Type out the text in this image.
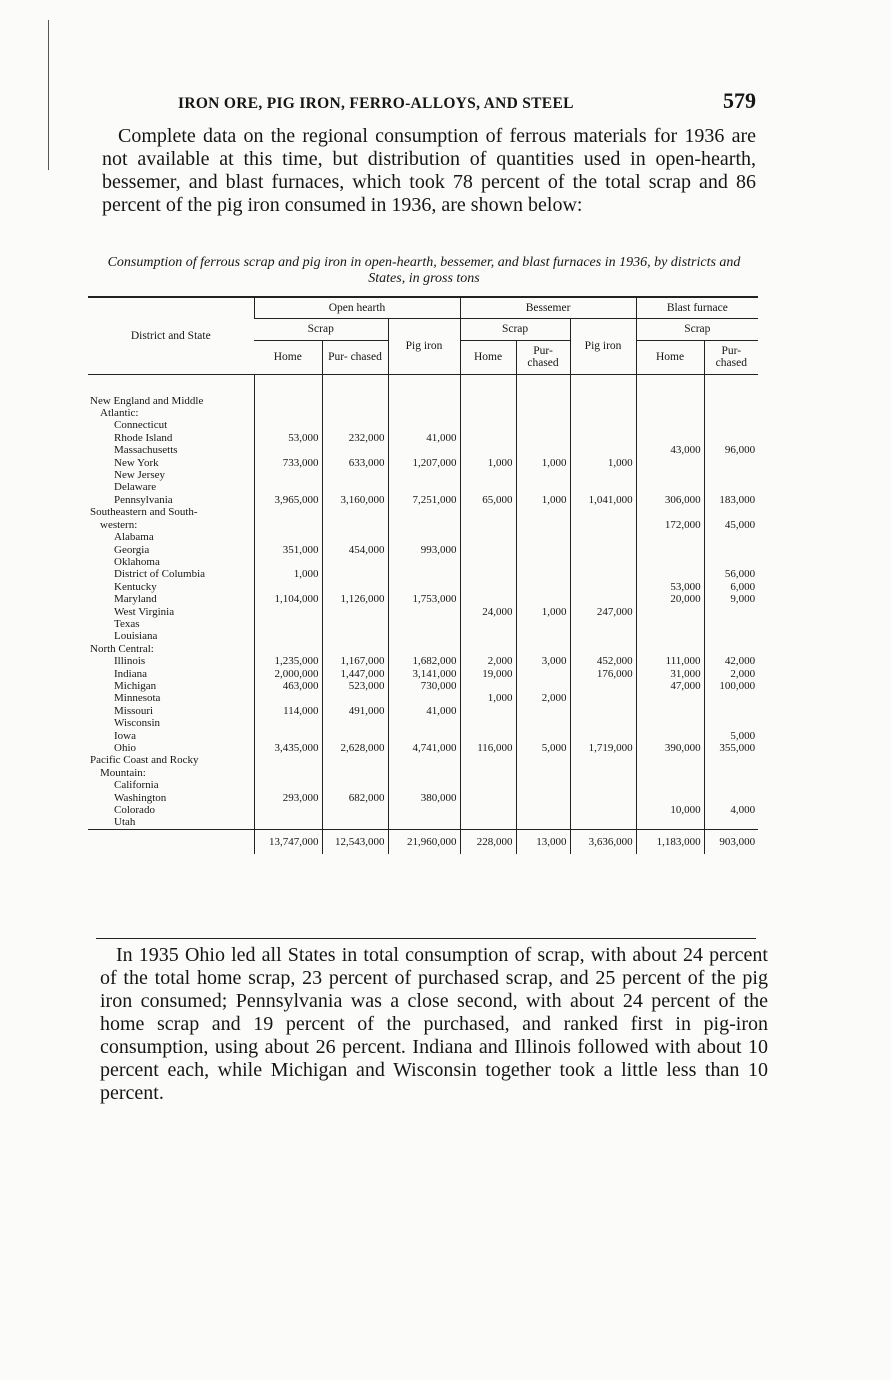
IRON ORE, PIG IRON, FERRO-ALLOYS, AND STEEL	579

Complete data on the regional consumption of ferrous materials for 1936 are not available at this time, but distribution of quantities used in open-hearth, bessemer, and blast furnaces, which took 78 percent of the total scrap and 86 percent of the pig iron consumed in 1936, are shown below:

Consumption of ferrous scrap and pig iron in open-hearth, bessemer, and blast furnaces in 1936, by districts and States, in gross tons
District and State	Open hearth			Bessemer			Blast furnace	
	Scrap		Pig iron	Scrap		Pig iron	Scrap	
	Home	Pur- chased		Home	Pur- chased		Home	Pur- chased

New England and Middle								
Atlantic:								
Connecticut								
Rhode Island	53,000	232,000	41,000					
Massachusetts							43,000	96,000
New York	733,000	633,000	1,207,000	1,000	1,000	1,000		
New Jersey								
Delaware								
Pennsylvania	3,965,000	3,160,000	7,251,000	65,000	1,000	1,041,000	306,000	183,000
Southeastern and South-								
western:							172,000	45,000
Alabama								
Georgia	351,000	454,000	993,000					
Oklahoma								
District of Columbia	1,000							56,000
Kentucky							53,000	6,000
Maryland	1,104,000	1,126,000	1,753,000				20,000	9,000
West Virginia				24,000	1,000	247,000		
Texas								
Louisiana								
North Central:								
Illinois	1,235,000	1,167,000	1,682,000	2,000	3,000	452,000	111,000	42,000
Indiana	2,000,000	1,447,000	3,141,000	19,000		176,000	31,000	2,000
Michigan	463,000	523,000	730,000				47,000	100,000
Minnesota				1,000	2,000			
Missouri	114,000	491,000	41,000					
Wisconsin								
Iowa								5,000
Ohio	3,435,000	2,628,000	4,741,000	116,000	5,000	1,719,000	390,000	355,000
Pacific Coast and Rocky								
Mountain:								
California								
Washington	293,000	682,000	380,000					
Colorado							10,000	4,000
Utah								
	13,747,000	12,543,000	21,960,000	228,000	13,000	3,636,000	1,183,000	903,000

In 1935 Ohio led all States in total consumption of scrap, with about 24 percent of the total home scrap, 23 percent of purchased scrap, and 25 percent of the pig iron consumed; Pennsylvania was a close second, with about 24 percent of the home scrap and 19 percent of the purchased, and ranked first in pig-iron consumption, using about 26 percent. Indiana and Illinois followed with about 10 percent each, while Michigan and Wisconsin together took a little less than 10 percent.
